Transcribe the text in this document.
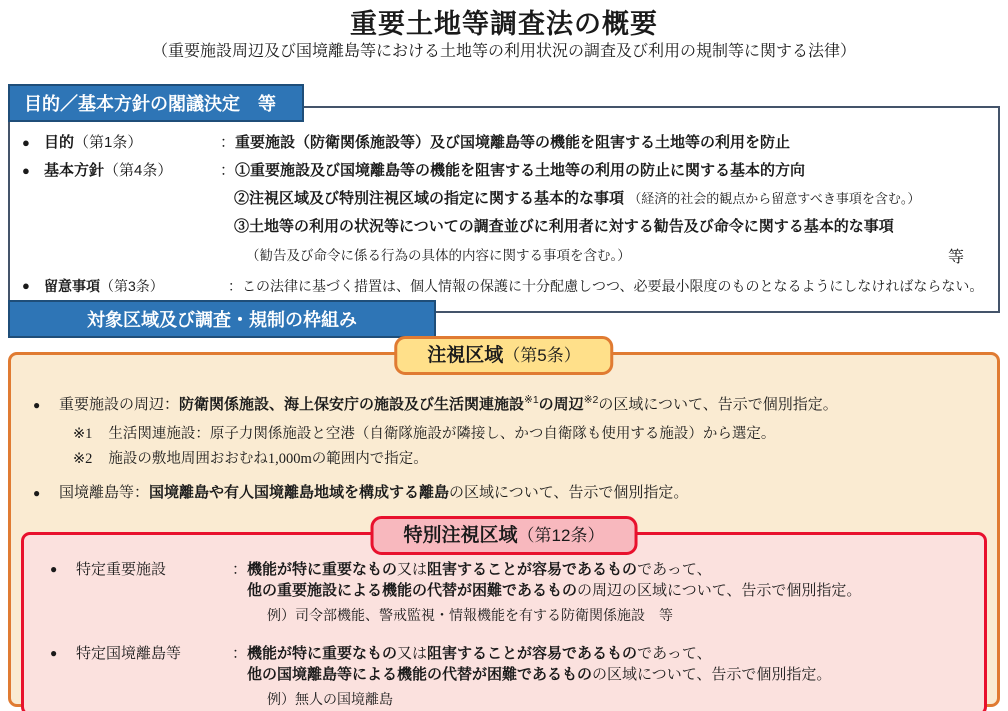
重要土地等調査法の概要
（重要施設周辺及び国境離島等における土地等の利用状況の調査及び利用の規制等に関する法律）
目的／基本方針の閣議決定　等
● 目的 （第1条）	： 重要施設（防衛関係施設等）及び国境離島等の機能を阻害する土地等の利用を防止
● 基本方針 （第4条）	： ①重要施設及び国境離島等の機能を阻害する土地等の利用の防止に関する基本的方向
②注視区域及び特別注視区域の指定に関する基本的な事項 （経済的社会的観点から留意すべき事項を含む。）
③土地等の利用の状況等についての調査並びに利用者に対する勧告及び命令に関する基本的な事項
（勧告及び命令に係る行為の具体的内容に関する事項を含む。）	等
●	留意事項 （第3条）	： この法律に基づく措置は、個人情報の保護に十分配慮しつつ、必要最小限度のものとなるようにしなければならない。
対象区域及び調査・規制の枠組み
注視区域（第5条）
● 重要施設の周辺：防衛関係施設、海上保安庁の施設及び生活関連施設$^{※1}$の周辺$^{※2}$の区域について、告示で個別指定。
※1 生活関連施設：原子力関係施設と空港（自衛隊施設が隣接し、かつ自衛隊も使用する施設）から選定。
※2 施設の敷地周囲おおむね1,000mの範囲内で指定。
● 国境離島等：国境離島や有人国境離島地域を構成する離島の区域について、告示で個別指定。
特別注視区域（第12条）
●	特定重要施設	： 機能が特に重要なもの又は阻害することが容易であるものであって、
他の重要施設による機能の代替が困難であるものの周辺の区域について、告示で個別指定。
例）司令部機能、警戒監視・情報機能を有する防衛関係施設　等
●	特定国境離島等	： 機能が特に重要なもの又は阻害することが容易であるものであって、
他の国境離島等による機能の代替が困難であるものの区域について、告示で個別指定。
例）無人の国境離島
